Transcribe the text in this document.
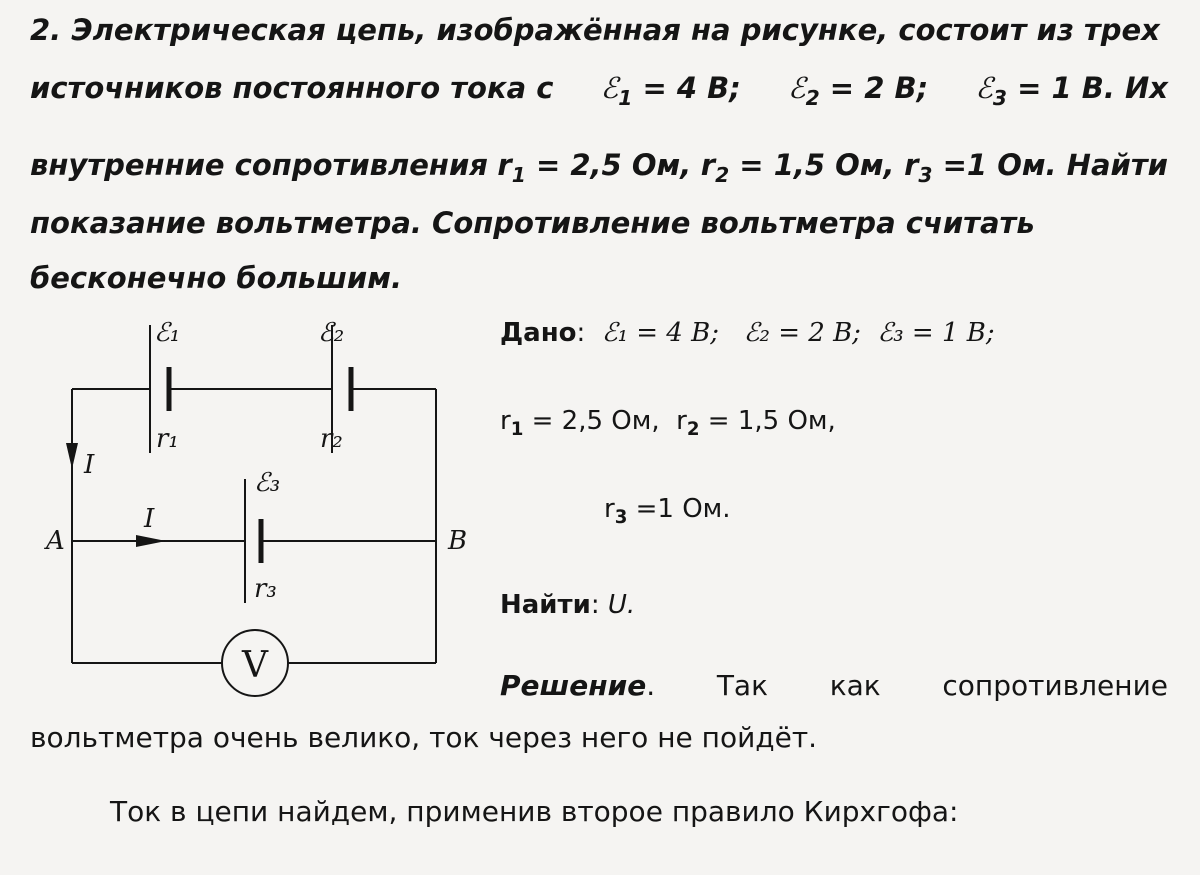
2. Электрическая цепь, изображённая на рисунке, состоит из трех

источников постоянного тока с ℰ$_1$ = 4 В; ℰ$_2$ = 2 В; ℰ$_3$ = 1 В. Их

внутренние сопротивления $r_1 = 2,5$ Ом, $r_2 = 1,5$ Ом, $r_3 =1$ Ом. Найти

показание вольтметра. Сопротивление вольтметра считать

бесконечно большим.

V
ℰ₁	ℰ₂
ℰ₃
r₁	r₂
r₃
I
I
A	B
Дано: ℰ₁ = 4 В; ℰ₂ = 2 В; ℰ₃ = 1 В;
$r_1 = 2,5$ Ом, $r_2 = 1,5$ Ом,
$r_3 =1$ Ом.
Найти: U.
Решение. Так как сопротивление
вольтметра очень велико, ток через него не пойдёт.
Ток в цепи найдем, применив второе правило Кирхгофа:
